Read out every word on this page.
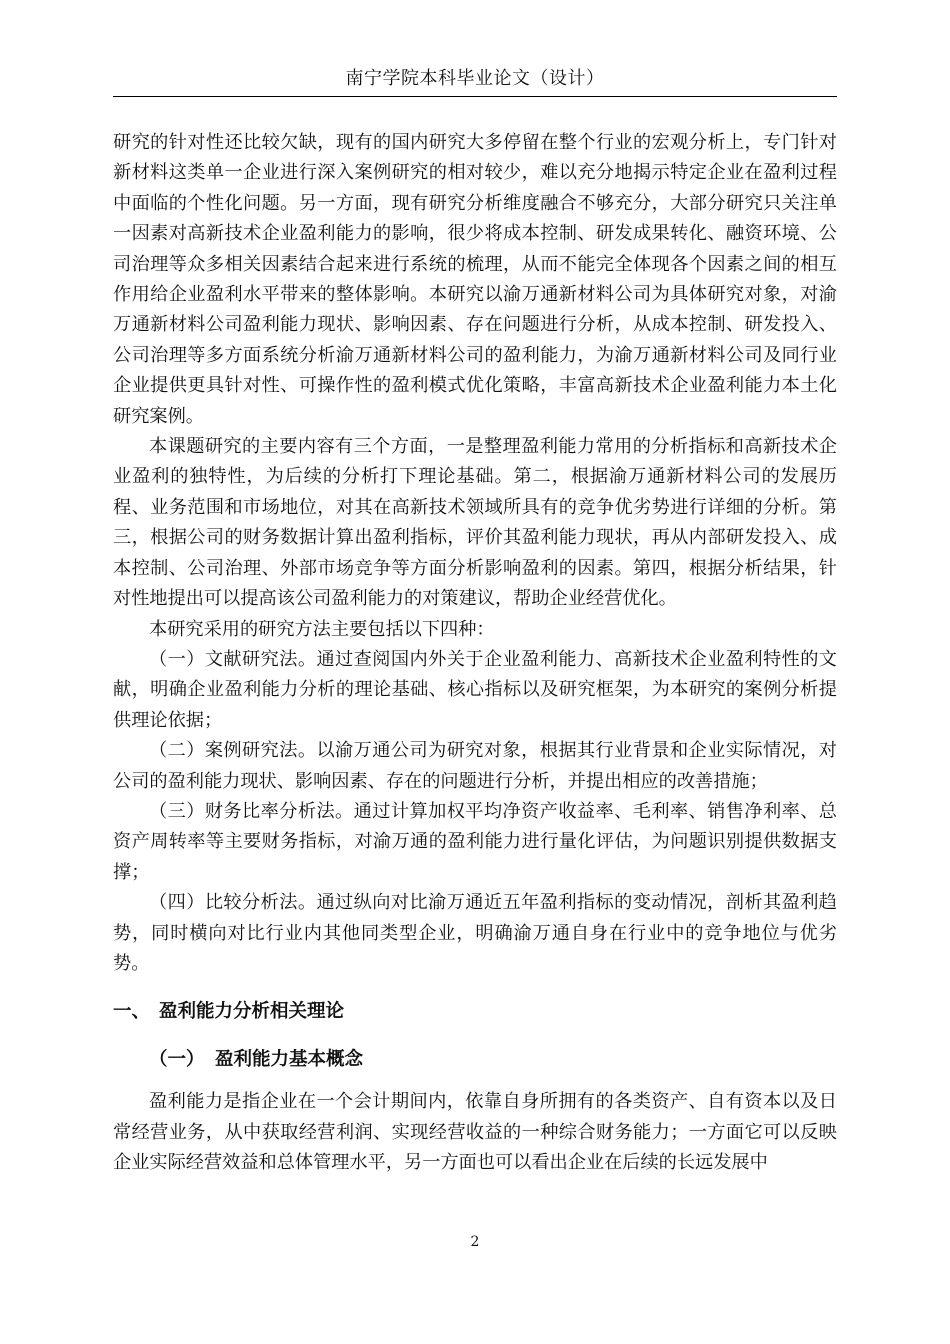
南宁学院本科毕业论文（设计）

研究的针对性还比较欠缺，现有的国内研究大多停留在整个行业的宏观分析上，专门针对新材料这类单一企业进行深入案例研究的相对较少，难以充分地揭示特定企业在盈利过程中面临的个性化问题。另一方面，现有研究分析维度融合不够充分，大部分研究只关注单一因素对高新技术企业盈利能力的影响，很少将成本控制、研发成果转化、融资环境、公司治理等众多相关因素结合起来进行系统的梳理，从而不能完全体现各个因素之间的相互作用给企业盈利水平带来的整体影响。本研究以渝万通新材料公司为具体研究对象，对渝万通新材料公司盈利能力现状、影响因素、存在问题进行分析，从成本控制、研发投入、公司治理等多方面系统分析渝万通新材料公司的盈利能力，为渝万通新材料公司及同行业企业提供更具针对性、可操作性的盈利模式优化策略，丰富高新技术企业盈利能力本土化研究案例。

本课题研究的主要内容有三个方面，一是整理盈利能力常用的分析指标和高新技术企业盈利的独特性，为后续的分析打下理论基础。第二，根据渝万通新材料公司的发展历程、业务范围和市场地位，对其在高新技术领域所具有的竞争优劣势进行详细的分析。第三，根据公司的财务数据计算出盈利指标，评价其盈利能力现状，再从内部研发投入、成本控制、公司治理、外部市场竞争等方面分析影响盈利的因素。第四，根据分析结果，针对性地提出可以提高该公司盈利能力的对策建议，帮助企业经营优化。

本研究采用的研究方法主要包括以下四种：

（一）文献研究法。通过查阅国内外关于企业盈利能力、高新技术企业盈利特性的文献，明确企业盈利能力分析的理论基础、核心指标以及研究框架，为本研究的案例分析提供理论依据；

（二）案例研究法。以渝万通公司为研究对象，根据其行业背景和企业实际情况，对公司的盈利能力现状、影响因素、存在的问题进行分析，并提出相应的改善措施；

（三）财务比率分析法。通过计算加权平均净资产收益率、毛利率、销售净利率、总资产周转率等主要财务指标，对渝万通的盈利能力进行量化评估，为问题识别提供数据支撑；

（四）比较分析法。通过纵向对比渝万通近五年盈利指标的变动情况，剖析其盈利趋势，同时横向对比行业内其他同类型企业，明确渝万通自身在行业中的竞争地位与优劣势。

一、 盈利能力分析相关理论
（一） 盈利能力基本概念

盈利能力是指企业在一个会计期间内，依靠自身所拥有的各类资产、自有资本以及日常经营业务，从中获取经营利润、实现经营收益的一种综合财务能力；一方面它可以反映企业实际经营效益和总体管理水平，另一方面也可以看出企业在后续的长远发展中

2
